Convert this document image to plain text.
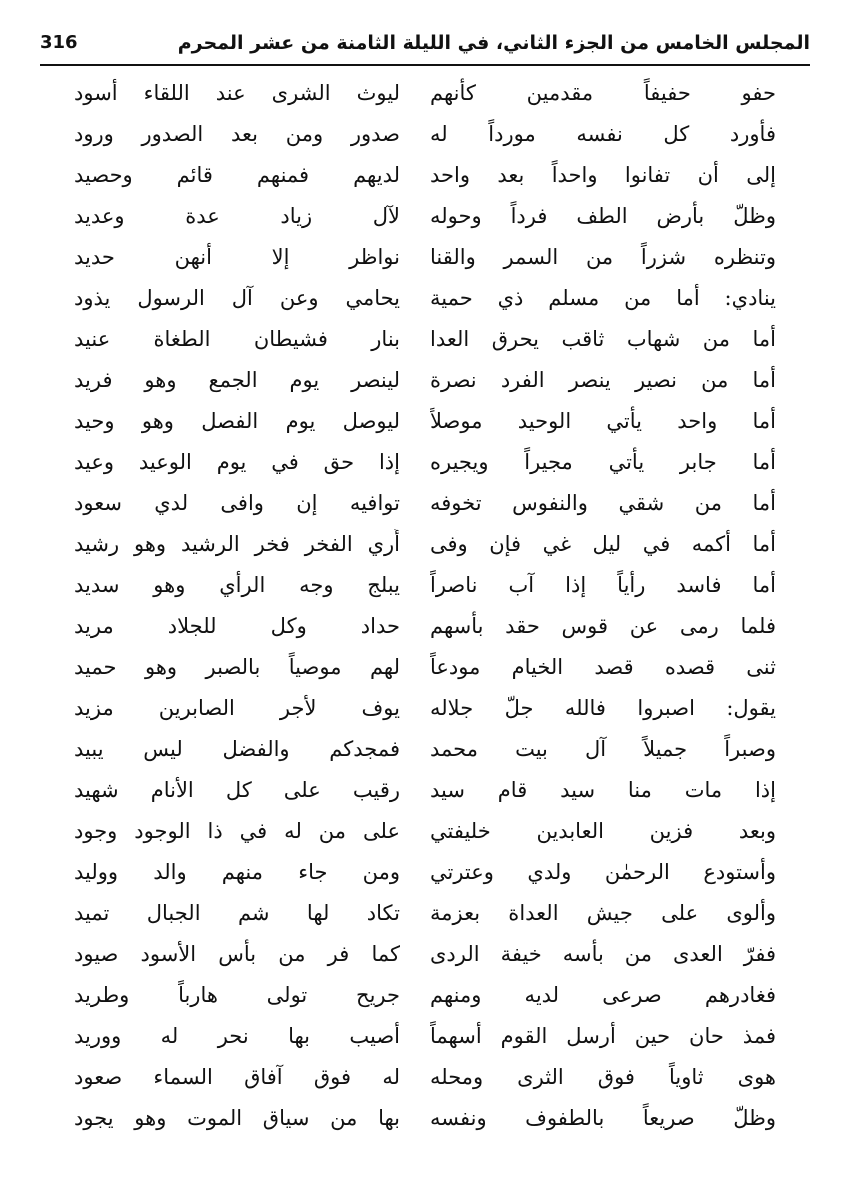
المجلس الخامس من الجزء الثاني، في الليلة الثامنة من عشر المحرم
316
حفو حفيفاً مقدمين كأنهم
فأورد كل نفسه مورداً له
إلى أن تفانوا واحداً بعد واحد
وظلّ بأرض الطف فرداً وحوله
وتنظره شزراً من السمر والقنا
ينادي: أما من مسلم ذي حمية
أما من شهاب ثاقب يحرق العدا
أما من نصير ينصر الفرد نصرة
أما واحد يأتي الوحيد موصلاً
أما جابر يأتي مجيراً ويجيره
أما من شقي والنفوس تخوفه
أما أكمه في ليل غي فإن وفى
أما فاسد رأياً إذا آب ناصراً
فلما رمى عن قوس حقد بأسهم
ثنى قصده قصد الخيام مودعاً
يقول: اصبروا فالله جلّ جلاله
وصبراً جميلاً آل بيت محمد
إذا مات منا سيد قام سيد
وبعد فزين العابدين خليفتي
وأستودع الرحمٰن ولدي وعترتي
وألوى على جيش العداة بعزمة
ففرّ العدى من بأسه خيفة الردى
فغادرهم صرعى لديه ومنهم
فمذ حان حين أرسل القوم أسهماً
هوى ثاوياً فوق الثرى ومحله
وظلّ صريعاً بالطفوف ونفسه
ليوث الشرى عند اللقاء أسود
صدور ومن بعد الصدور ورود
لديهم فمنهم قائم وحصيد
لآل زياد عدة وعديد
نواظر إلا أنهن حديد
يحامي وعن آل الرسول يذود
بنار فشيطان الطغاة عنيد
لينصر يوم الجمع وهو فريد
ليوصل يوم الفصل وهو وحيد
إذا حق في يوم الوعيد وعيد
توافيه إن وافى لدي سعود
أُري الفخر فخر الرشيد وهو رشيد
يبلج وجه الرأي وهو سديد
حداد وكل للجلاد مريد
لهم موصياً بالصبر وهو حميد
يوف لأجر الصابرين مزيد
فمجدكم والفضل ليس يبيد
رقيب على كل الأنام شهيد
على من له في ذا الوجود وجود
ومن جاء منهم والد ووليد
تكاد لها شم الجبال تميد
كما فر من بأس الأسود صيود
جريح تولى هارباً وطريد
أصيب بها نحر له ووريد
له فوق آفاق السماء صعود
بها من سياق الموت وهو يجود
